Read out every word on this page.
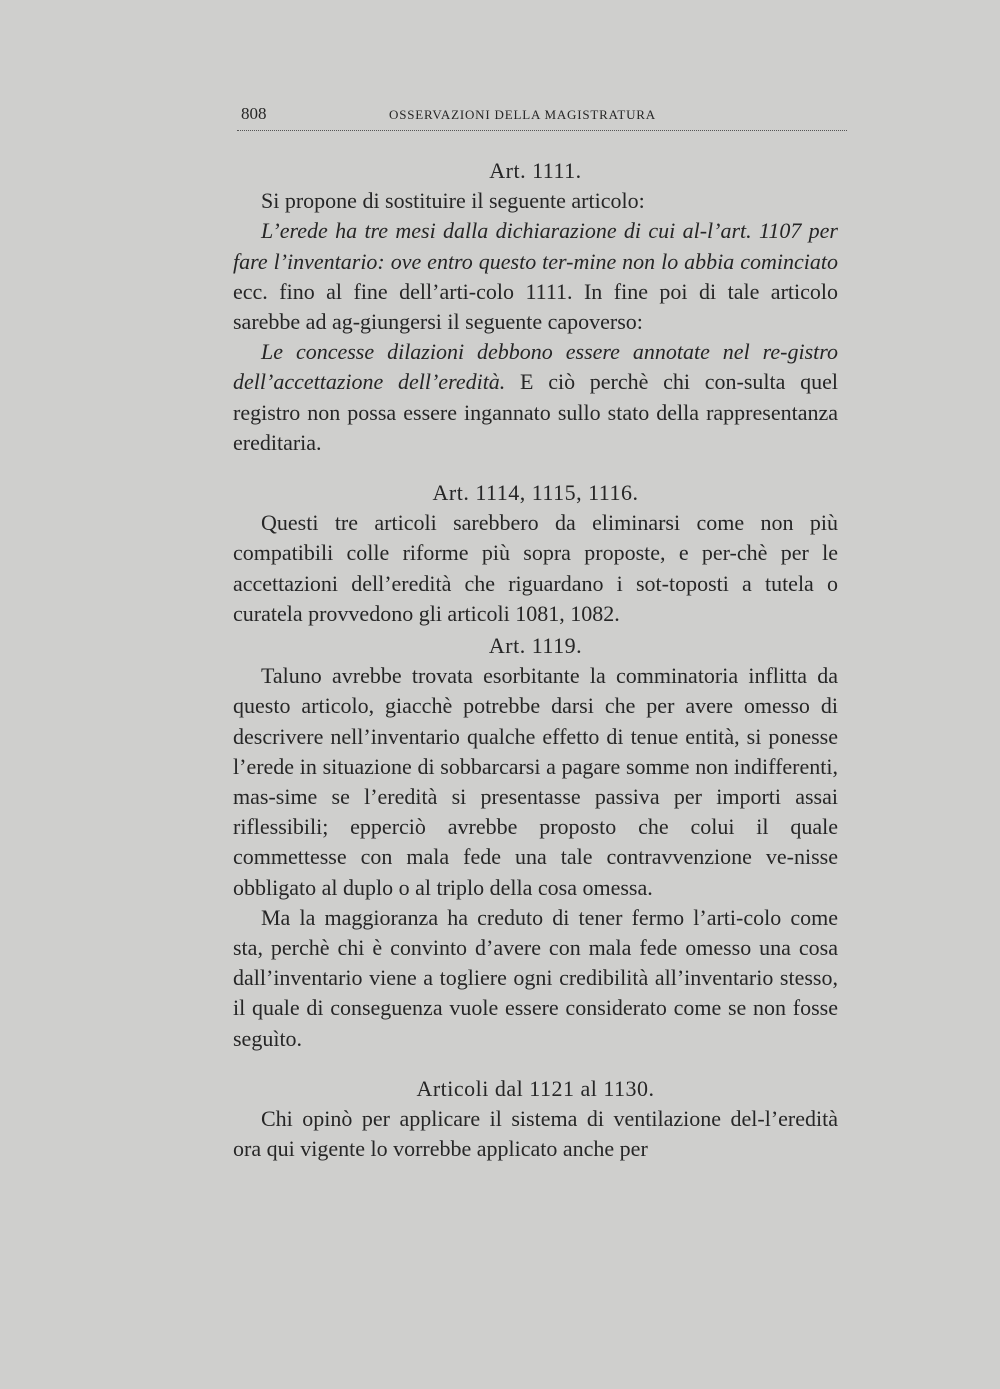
808	OSSERVAZIONI DELLA MAGISTRATURA

Art. 1111.

Si propone di sostituire il seguente articolo:

L’erede ha tre mesi dalla dichiarazione di cui al-l’art. 1107 per fare l’inventario: ove entro questo ter-mine non lo abbia cominciato ecc. fino al fine dell’arti-colo 1111. In fine poi di tale articolo sarebbe ad ag-giungersi il seguente capoverso:

Le concesse dilazioni debbono essere annotate nel re-gistro dell’accettazione dell’eredità. E ciò perchè chi con-sulta quel registro non possa essere ingannato sullo stato della rappresentanza ereditaria.

Art. 1114, 1115, 1116.

Questi tre articoli sarebbero da eliminarsi come non più compatibili colle riforme più sopra proposte, e per-chè per le accettazioni dell’eredità che riguardano i sot-toposti a tutela o curatela provvedono gli articoli 1081, 1082.

Art. 1119.

Taluno avrebbe trovata esorbitante la comminatoria inflitta da questo articolo, giacchè potrebbe darsi che per avere omesso di descrivere nell’inventario qualche effetto di tenue entità, si ponesse l’erede in situazione di sobbarcarsi a pagare somme non indifferenti, mas-sime se l’eredità si presentasse passiva per importi assai riflessibili; epperciò avrebbe proposto che colui il quale commettesse con mala fede una tale contravvenzione ve-nisse obbligato al duplo o al triplo della cosa omessa.

Ma la maggioranza ha creduto di tener fermo l’arti-colo come sta, perchè chi è convinto d’avere con mala fede omesso una cosa dall’inventario viene a togliere ogni credibilità all’inventario stesso, il quale di conseguenza vuole essere considerato come se non fosse seguìto.

Articoli dal 1121 al 1130.

Chi opinò per applicare il sistema di ventilazione del-l’eredità ora qui vigente lo vorrebbe applicato anche per
